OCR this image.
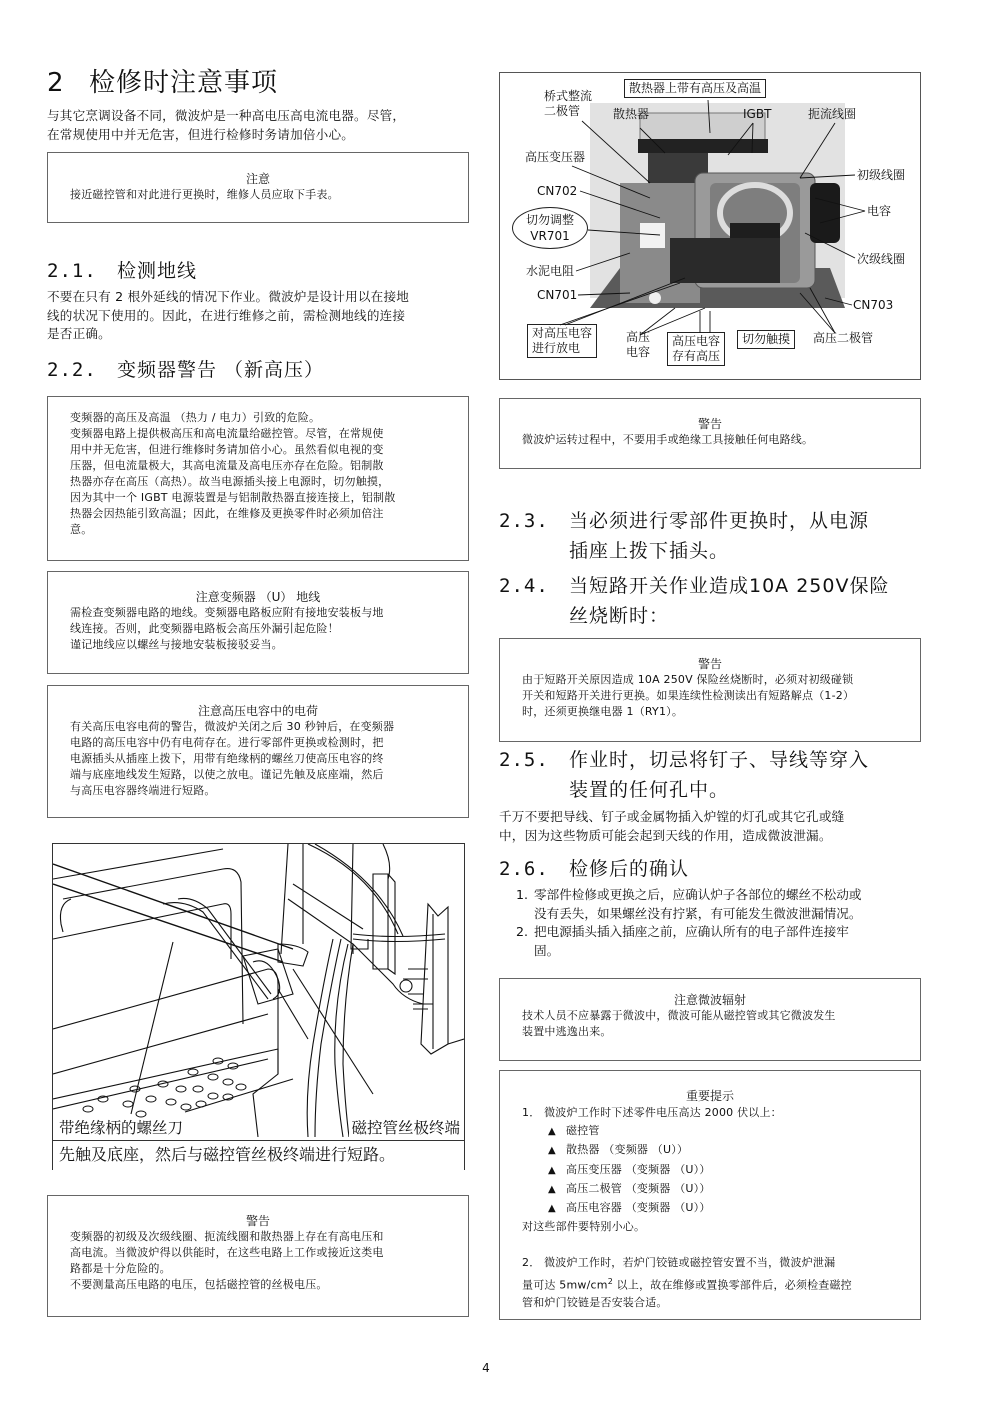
2 检修时注意事项
与其它烹调设备不同，微波炉是一种高电压高电流电器。尽管，
在常规使用中并无危害，但进行检修时务请加倍小心。
注意
接近磁控管和对此进行更换时，维修人员应取下手表。
2.1. 检测地线
不要在只有 2 根外延线的情况下作业。微波炉是设计用以在接地
线的状况下使用的。因此，在进行维修之前，需检测地线的连接
是否正确。
2.2. 变频器警告 （新高压）

变频器的高压及高温 （热力 / 电力）引致的危险。

变频器电路上提供极高压和高电流量给磁控管。尽管，在常规使

用中并无危害，但进行维修时务请加倍小心。虽然看似电视的变

压器，但电流量极大，其高电流量及高电压亦存在危险。铝制散

热器亦存在高压（高热）。故当电源插头接上电源时，切勿触摸，

因为其中一个 IGBT 电源装置是与铝制散热器直接连接上，铝制散

热器会因热能引致高温；因此，在维修及更换零件时必须加倍注

意。

注意变频器 （U） 地线

需检查变频器电路的地线。变频器电路板应附有接地安装板与地

线连接。否则，此变频器电路板会高压外漏引起危险！

谨记地线应以螺丝与接地安装板接驳妥当。

注意高压电容中的电荷

有关高压电容电荷的警告，微波炉关闭之后 30 秒钟后，在变频器

电路的高压电容中仍有电荷存在。进行零部件更换或检测时，把

电源插头从插座上拨下，用带有绝缘柄的螺丝刀使高压电容的终

端与底座地线发生短路，以使之放电。谨记先触及底座端，然后

与高压电容器终端进行短路。

带绝缘柄的螺丝刀	磁控管丝极终端
先触及底座，然后与磁控管丝极终端进行短路。
警告

变频器的初级及次级线圈、扼流线圈和散热器上存在有高电压和

高电流。当微波炉得以供能时，在这些电路上工作或接近这类电

路都是十分危险的。

不要测量高压电路的电压，包括磁控管的丝极电压。

桥式整流
二极管
散热器上带有高压及高温
散热器	IGBT	扼流线圈
高压变压器
初级线圈
CN702
电容
切勿调整
VR701
次级线圈
水泥电阻
CN701
CN703
对高压电容
进行放电
高压
电容
高压电容
存有高压
切勿触摸	高压二极管
警告
微波炉运转过程中，不要用手或绝缘工具接触任何电路线。
2.3.	当必须进行零部件更换时，从电源
插座上拨下插头。
2.4.	当短路开关作业造成10A 250V保险
丝烧断时：
警告

由于短路开关原因造成 10A 250V 保险丝烧断时，必须对初级碰锁

开关和短路开关进行更换。如果连续性检测读出有短路解点（1-2）

时，还须更换继电器 1（RY1）。

2.5.	作业时，切忌将钉子、导线等穿入
装置的任何孔中。
千万不要把导线、钉子或金属物插入炉镗的灯孔或其它孔或缝
中，因为这些物质可能会起到天线的作用，造成微波泄漏。
2.6. 检修后的确认
1. 零部件检修或更换之后，应确认炉子各部位的螺丝不松动或
没有丢失，如果螺丝没有拧紧，有可能发生微波泄漏情况。
2. 把电源插头插入插座之前，应确认所有的电子部件连接牢
固。
注意微波辐射

技术人员不应暴露于微波中，微波可能从磁控管或其它微波发生

装置中逃逸出来。

重要提示

1． 微波炉工作时下述零件电压高达 2000 伏以上：

▲ 磁控管

▲ 散热器 （变频器 （U））

▲ 高压变压器 （变频器 （U））

▲ 高压二极管 （变频器 （U））

▲ 高压电容器 （变频器 （U））

对这些部件要特别小心。

2． 微波炉工作时，若炉门铰链或磁控管安置不当，微波炉泄漏

量可达 $5mw/cm^2$ 以上，故在维修或置换零部件后，必须检查磁控

管和炉门铰链是否安装合适。

4
